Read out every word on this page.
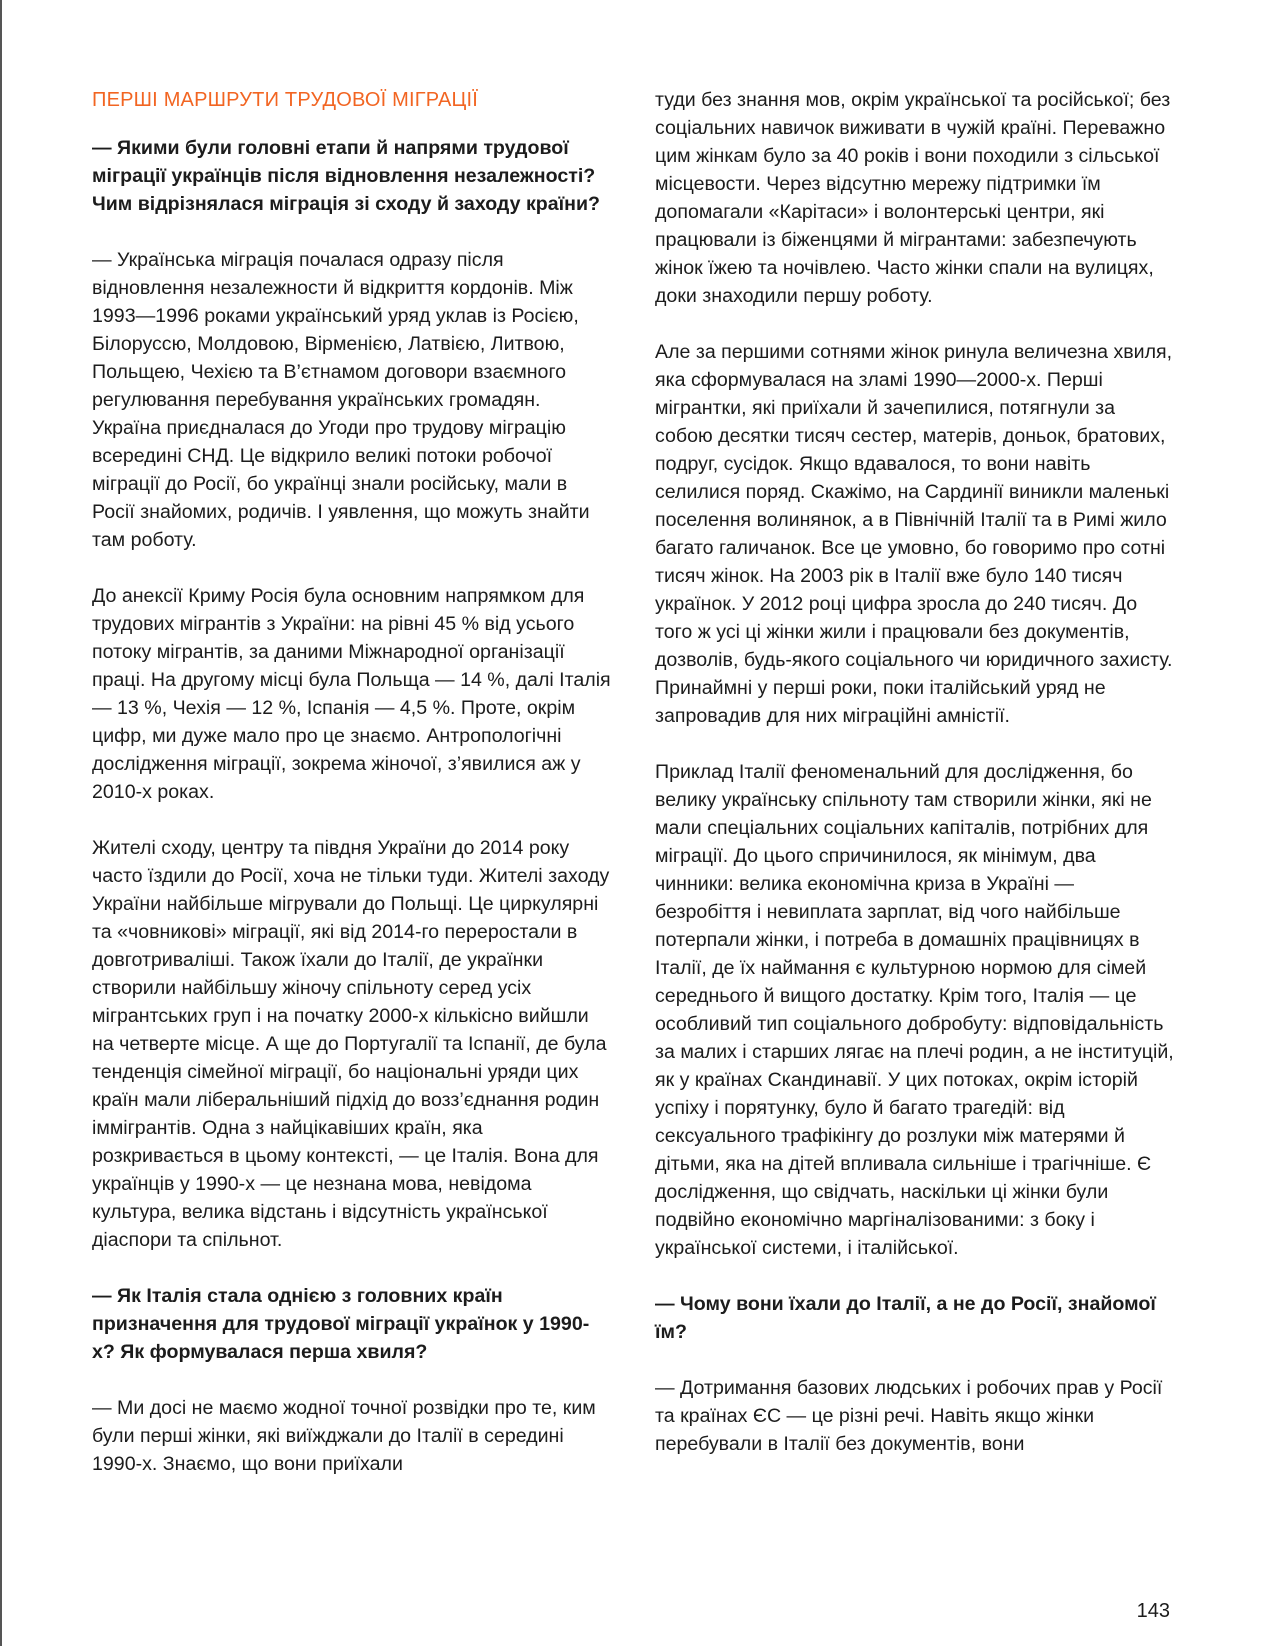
ПЕРШІ МАРШРУТИ ТРУДОВОЇ МІГРАЦІЇ

— Якими були головні етапи й напрями трудової міграції українців після відновлення незалежності? Чим відрізнялася міграція зі сходу й заходу країни?

— Українська міграція почалася одразу після відновлення незалежности й відкриття кордонів. Між 1993—1996 роками український уряд уклав із Росією, Білоруссю, Молдовою, Вірменією, Латвією, Литвою, Польщею, Чехією та В’єтнамом договори взаємного регулювання перебування українських громадян. Україна приєдналася до Угоди про трудову міграцію всередині СНД. Це відкрило великі потоки робочої міграції до Росії, бо українці знали російську, мали в Росії знайомих, родичів. І уявлення, що можуть знайти там роботу.

До анексії Криму Росія була основним напрямком для трудових мігрантів з України: на рівні 45 % від усього потоку мігрантів, за даними Міжнародної організації праці. На другому місці була Польща — 14 %, далі Італія — 13 %, Чехія — 12 %, Іспанія — 4,5 %. Проте, окрім цифр, ми дуже мало про це знаємо. Антропологічні дослідження міграції, зокрема жіночої, з’явилися аж у 2010-х роках.

Жителі сходу, центру та півдня України до 2014 року часто їздили до Росії, хоча не тільки туди. Жителі заходу України найбільше мігрували до Польщі. Це циркулярні та «човникові» міграції, які від 2014-го переростали в довготриваліші. Також їхали до Італії, де українки створили найбільшу жіночу спільноту серед усіх мігрантських груп і на початку 2000-х кількісно вийшли на четверте місце. А ще до Португалії та Іспанії, де була тенденція сімейної міграції, бо національні уряди цих країн мали ліберальніший підхід до возз’єднання родин іммігрантів. Одна з найцікавіших країн, яка розкривається в цьому контексті, — це Італія. Вона для українців у 1990-х — це незнана мова, невідома культура, велика відстань і відсутність української діаспори та спільнот.

— Як Італія стала однією з головних країн призначення для трудової міграції українок у 1990-х? Як формувалася перша хвиля?

— Ми досі не маємо жодної точної розвідки про те, ким були перші жінки, які виїжджали до Італії в середині 1990-х. Знаємо, що вони приїхали

туди без знання мов, окрім української та російської; без соціальних навичок виживати в чужій країні. Переважно цим жінкам було за 40 років і вони походили з сільської місцевости. Через відсутню мережу підтримки їм допомагали «Карітаси» і волонтерські центри, які працювали із біженцями й мігрантами: забезпечують жінок їжею та ночівлею. Часто жінки спали на вулицях, доки знаходили першу роботу.

Але за першими сотнями жінок ринула величезна хвиля, яка сформувалася на зламі 1990—2000-х. Перші мігрантки, які приїхали й зачепилися, потягнули за собою десятки тисяч сестер, матерів, доньок, братових, подруг, сусідок. Якщо вдавалося, то вони навіть селилися поряд. Скажімо, на Сардинії виникли маленькі поселення волинянок, а в Північній Італії та в Римі жило багато галичанок. Все це умовно, бо говоримо про сотні тисяч жінок. На 2003 рік в Італії вже було 140 тисяч українок. У 2012 році цифра зросла до 240 тисяч. До того ж усі ці жінки жили і працювали без документів, дозволів, будь-якого соціального чи юридичного захисту. Принаймні у перші роки, поки італійський уряд не запровадив для них міграційні амністії.

Приклад Італії феноменальний для дослідження, бо велику українську спільноту там створили жінки, які не мали спеціальних соціальних капіталів, потрібних для міграції. До цього спричинилося, як мінімум, два чинники: велика економічна криза в Україні — безробіття і невиплата зарплат, від чого найбільше потерпали жінки, і потреба в домашніх працівницях в Італії, де їх наймання є культурною нормою для сімей середнього й вищого достатку. Крім того, Італія — це особливий тип соціального добробуту: відповідальність за малих і старших лягає на плечі родин, а не інституцій, як у країнах Скандинавії. У цих потоках, окрім історій успіху і порятунку, було й багато трагедій: від сексуального трафікінгу до розлуки між матерями й дітьми, яка на дітей впливала сильніше і трагічніше. Є дослідження, що свідчать, наскільки ці жінки були подвійно економічно маргіналізованими: з боку і української системи, і італійської.

— Чому вони їхали до Італії, а не до Росії, знайомої їм?

— Дотримання базових людських і робочих прав у Росії та країнах ЄС — це різні речі. Навіть якщо жінки перебували в Італії без документів, вони

143
